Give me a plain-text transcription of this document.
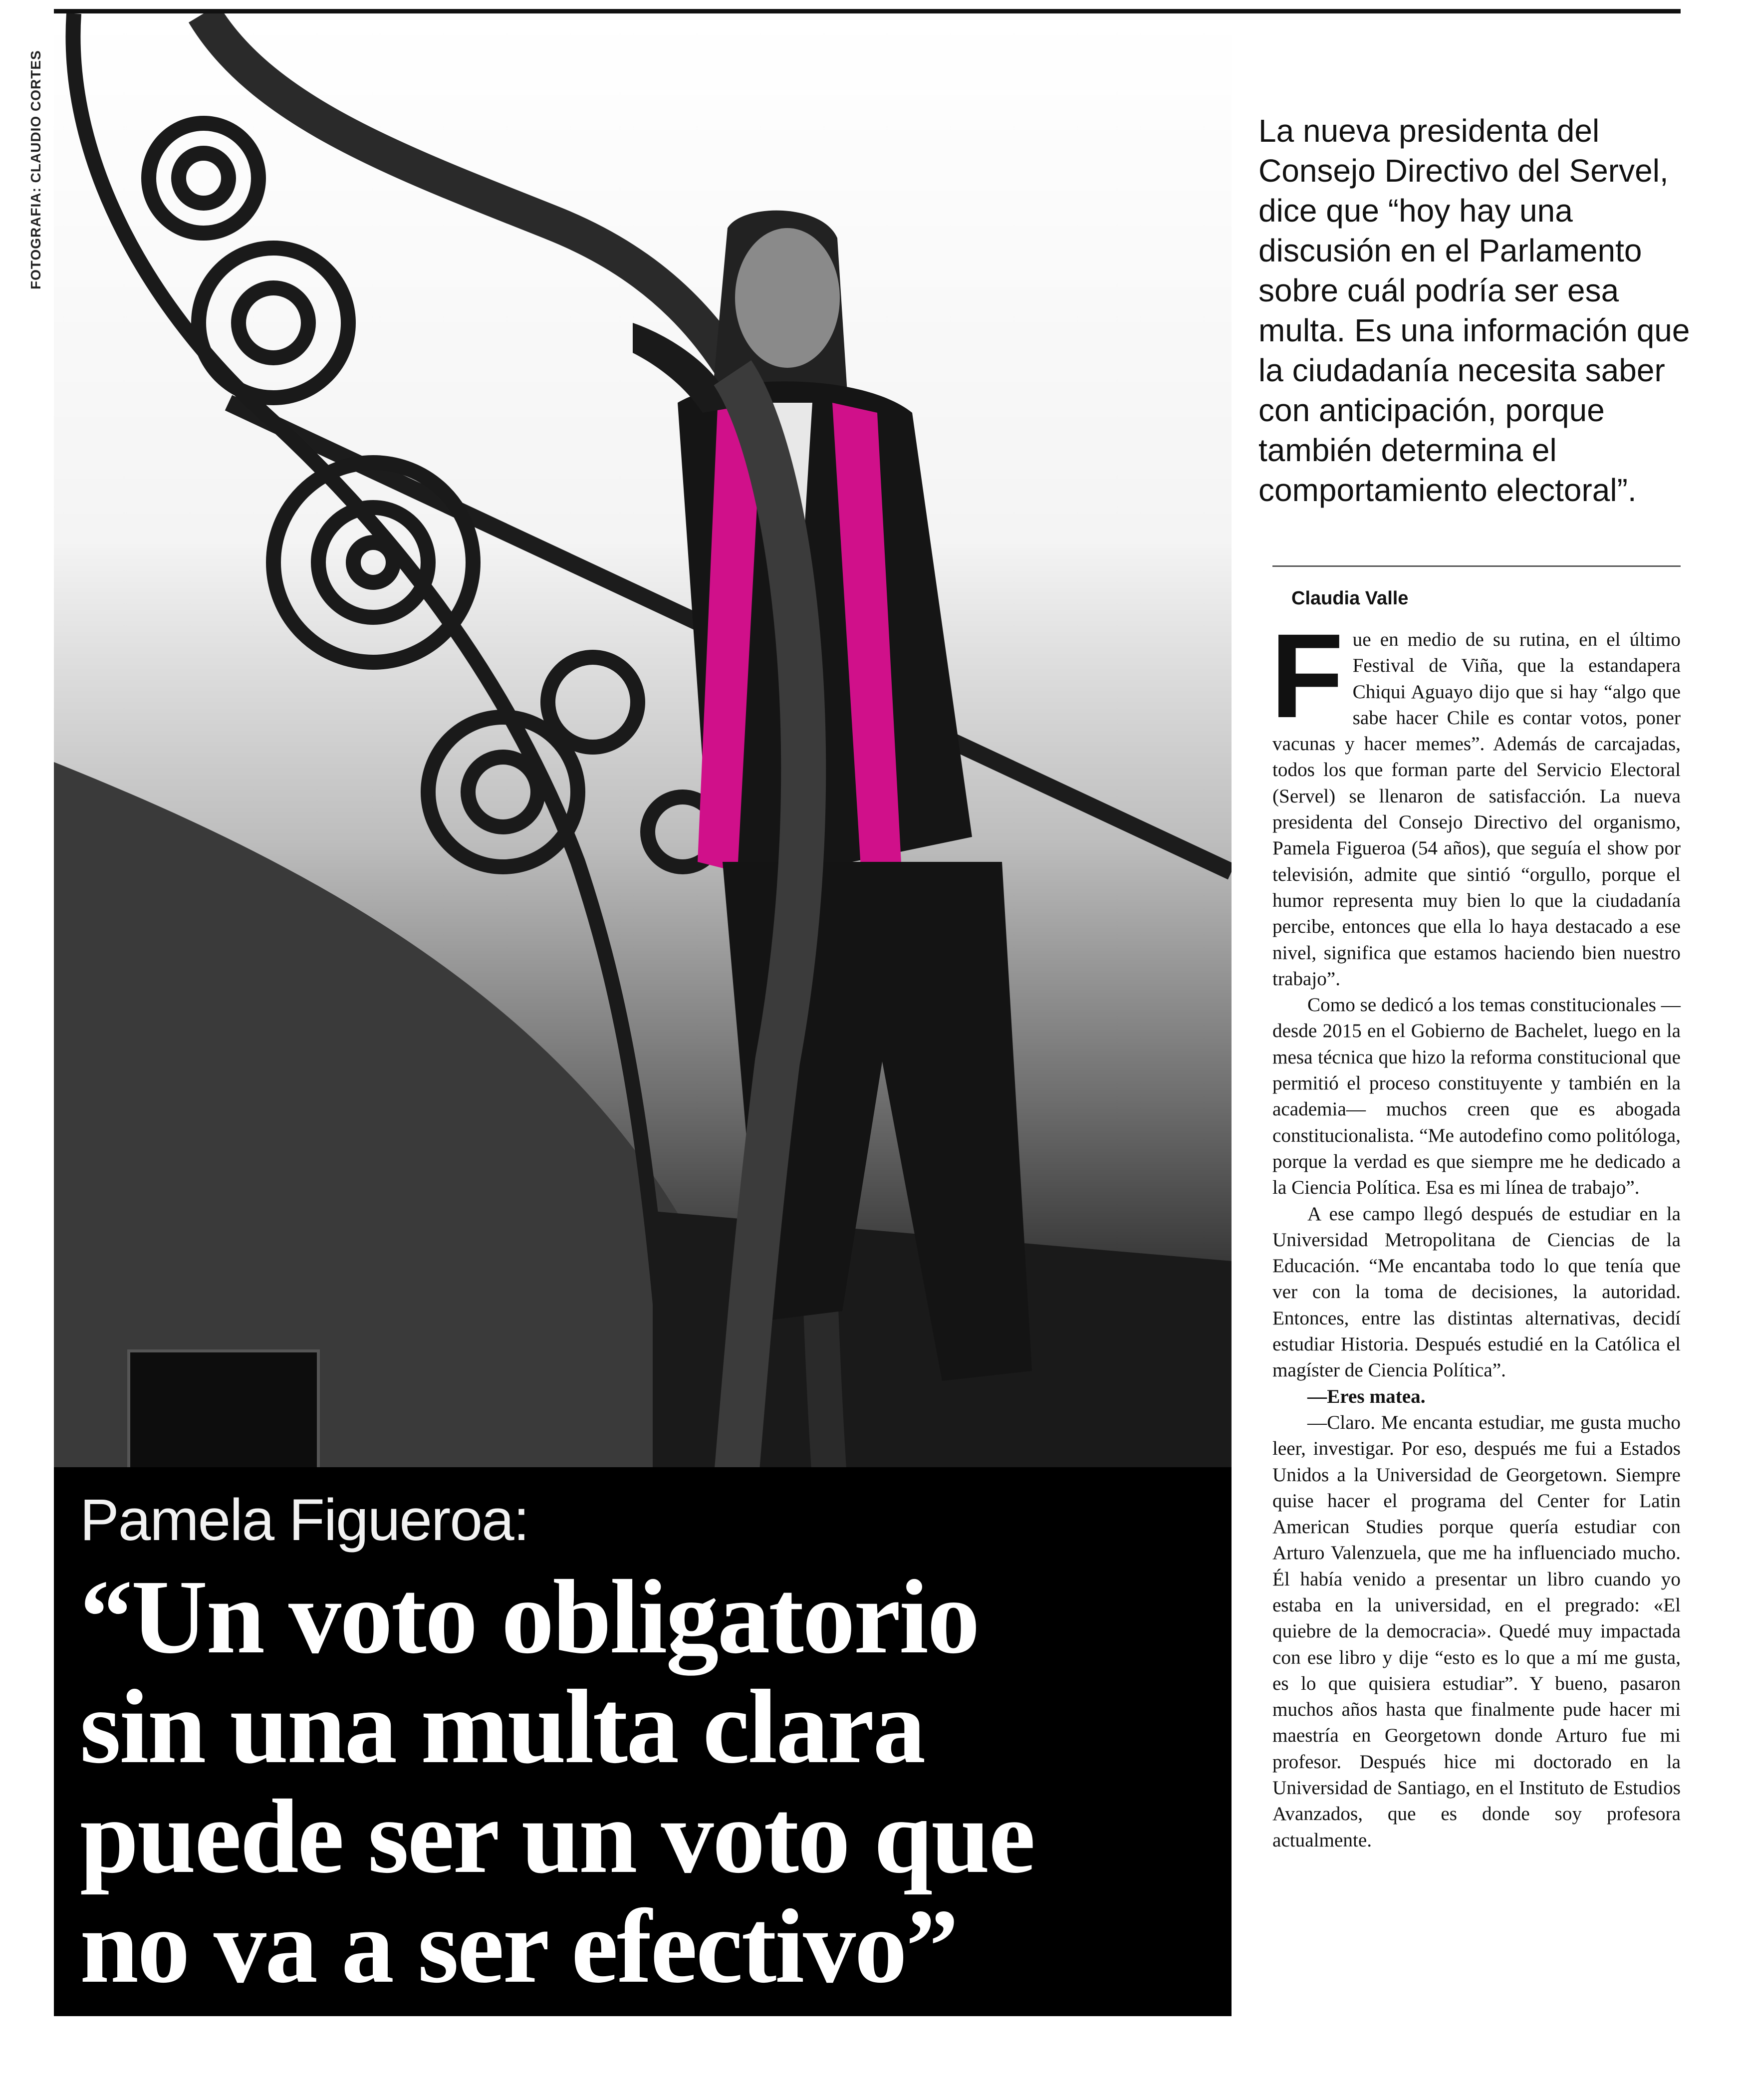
FOTOGRAFIA: CLAUDIO CORTES
Pamela Figueroa:
“Un voto obligatorio
sin una multa clara
puede ser un voto que
no va a ser efectivo”

La nueva presidenta del Consejo Directivo del Servel, dice que “hoy hay una discusión en el Parlamento sobre cuál podría ser esa multa. Es una información que la ciudadanía necesita saber con anticipación, porque también determina el comportamiento electoral”.

Claudia Valle

Fue en medio de su rutina, en el último Festival de Viña, que la estandapera Chiqui Aguayo dijo que si hay “algo que sabe hacer Chile es contar votos, poner vacunas y hacer memes”. Además de carcajadas, todos los que forman parte del Servicio Electoral (Servel) se llenaron de satisfacción. La nueva presidenta del Consejo Directivo del organismo, Pamela Figueroa (54 años), que seguía el show por televisión, admite que sintió “orgullo, porque el humor representa muy bien lo que la ciudadanía percibe, entonces que ella lo haya destacado a ese nivel, significa que estamos haciendo bien nuestro trabajo”.

Como se dedicó a los temas constitucionales —desde 2015 en el Gobierno de Bachelet, luego en la mesa técnica que hizo la reforma constitucional que permitió el proceso constituyente y también en la academia— muchos creen que es abogada constitucionalista. “Me autodefino como politóloga, porque la verdad es que siempre me he dedicado a la Ciencia Política. Esa es mi línea de trabajo”.

A ese campo llegó después de estudiar en la Universidad Metropolitana de Ciencias de la Educación. “Me encantaba todo lo que tenía que ver con la toma de decisiones, la autoridad. Entonces, entre las distintas alternativas, decidí estudiar Historia. Después estudié en la Católica el magíster de Ciencia Política”.

—Eres matea.

—Claro. Me encanta estudiar, me gusta mucho leer, investigar. Por eso, después me fui a Estados Unidos a la Universidad de Georgetown. Siempre quise hacer el programa del Center for Latin American Studies porque quería estudiar con Arturo Valenzuela, que me ha influenciado mucho. Él había venido a presentar un libro cuando yo estaba en la universidad, en el pregrado: «El quiebre de la democracia». Quedé muy impactada con ese libro y dije “esto es lo que a mí me gusta, es lo que quisiera estudiar”. Y bueno, pasaron muchos años hasta que finalmente pude hacer mi maestría en Georgetown donde Arturo fue mi profesor. Después hice mi doctorado en la Universidad de Santiago, en el Instituto de Estudios Avanzados, que es donde soy profesora actualmente.
